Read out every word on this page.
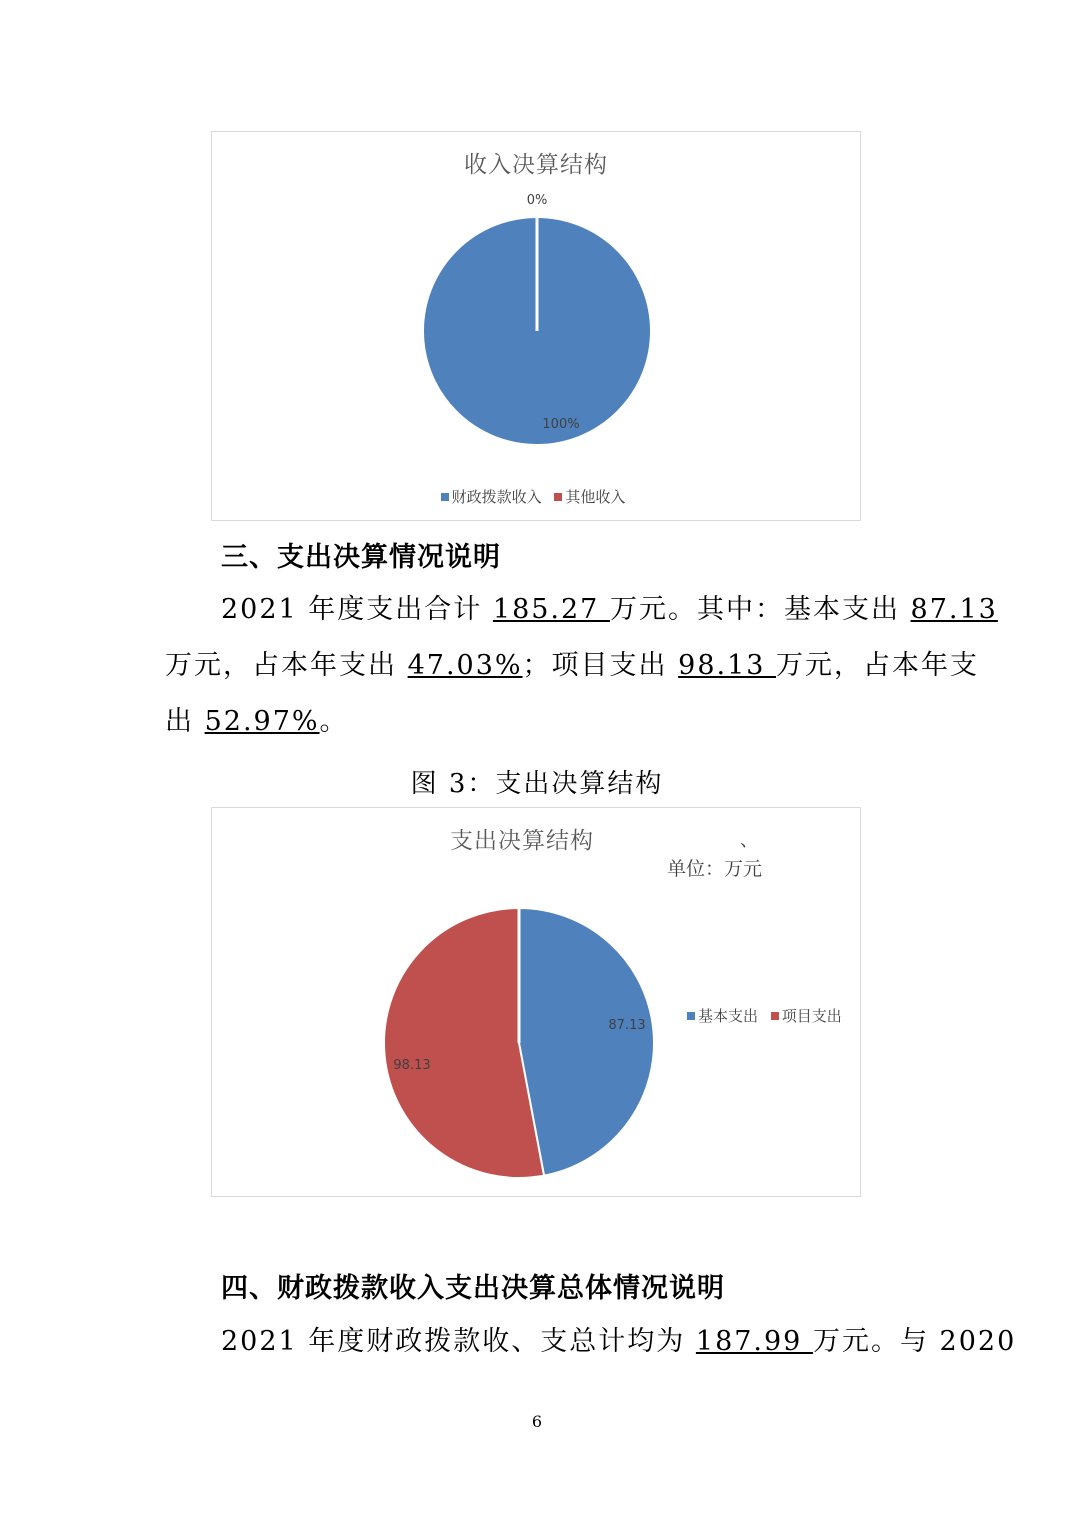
收入决算结构
100%
0%
财政拨款收入 其他收入
三、支出决算情况说明
2021 年度支出合计 185.27 万元。其中：基本支出 87.13
万元，占本年支出 47.03%；项目支出 98.13 万元，占本年支
出 52.97%。
图 3：支出决算结构
支出决算结构	、
单位：万元
87.13
98.13
基本支出 项目支出
四、财政拨款收入支出决算总体情况说明
2021 年度财政拨款收、支总计均为 187.99 万元。与 2020
6
